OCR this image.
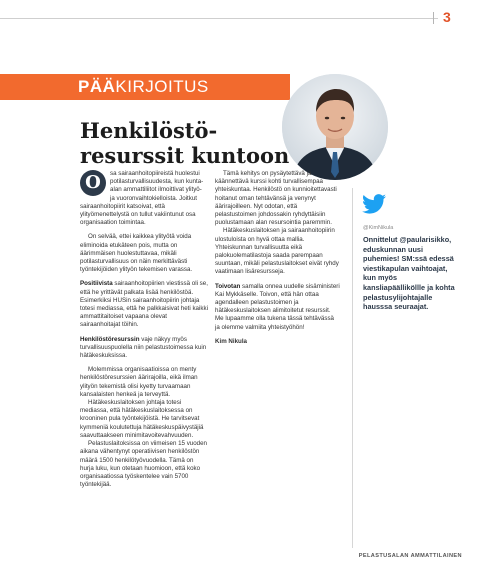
3
PÄÄKIRJOITUS
Henkilöstö-resurssit kuntoon
O	sa sairaanhoitopiireistä huolestui potilasturvallisuudesta, kun kunta-alan ammattiliitot ilmoittivat ylityö- ja vuoronvaihtokielloista. Joitkut sairaanhoitopiirit katsoivat, että ylityömenettelystä on tullut vakiintunut osa organisaation toimintaa.

On selvää, ettei kaikkea ylityötä voida eliminoida etukäteen pois, mutta on äärimmäisen huolestuttavaa, mikäli potilasturvallisuus on näin merkittävästi työntekijöiden ylityön tekemisen varassa.

Positiivista sairaanhoitopiirien viestissä oli se, että he yrittävät palkata lisää henkilöstöä. Esimerkiksi HUSin sairaanhoitopiirin johtaja totesi mediassa, että he palkkaisivat heti kaikki ammattitaitoiset vapaana olevat sairaanhoitajat töihin.

Henkilöstöresurssin vaje näkyy myös turvallisuuspuolella niin pelastustoimessa kuin hätäkeskuksissa.

Molemmissa organisaatioissa on menty henkilöstöresurssien äärirajoilla, eikä ilman ylityön tekemistä olisi kyetty turvaamaan kansalaisten henkeä ja terveyttä.

Hätäkeskuslaitoksen johtaja totesi mediassa, että hätäkeskuslaitoksessa on krooninen pula työntekijöistä. He tarvitsevat kymmeniä koulutettuja hätäkeskuspäivystäjiä saavuttaakseen minimitavoitevahvuuden.

Pelastuslaitoksissa on viimeisen 15 vuoden aikana vähentynyt operatiivisen henkilöstön määrä 1500 henkilötyövuodella. Tämä on hurja luku, kun otetaan huomioon, että koko organisaatiossa työskentelee vain 5700 työntekijää.

Tämä kehitys on pysäytettävä ja käännettävä kurssi kohti turvallisempaa yhteiskuntaa. Henkilöstö on kunnioitettavasti hoitanut oman tehtävänsä ja venynyt äärirajoilleen. Nyt odotan, että pelastustoimen johdossakin ryhdyttäisiin puolustamaan alan resursointia paremmin.

Hätäkeskuslaitoksen ja sairaanhoitopiirin ulostuloista on hyvä ottaa mallia. Yhteiskunnan turvallisuutta eikä palokuolematilastoja saada parempaan suuntaan, mikäli pelastuslaitokset eivät ryhdy vaatimaan lisäresursseja.

Toivotan samalla onnea uudelle sisäministeri Kai Mykkäselle. Toivon, että hän ottaa agendalleen pelastustoimen ja hätäkeskuslaitoksen alimitoitetut resurssit. Me lupaamme olla tukena tässä tehtävässä ja olemme valmiita yhteistyöhön!

Kim Nikula

@KimNikula
Onnittelut @paularisikko, eduskunnan uusi puhemies! SM:ssä edessä viestikapulan vaihtoajat, kun myös kansliapäälliköllle ja kohta pelastusylijohtajalle hausssa seuraajat.
PELASTUSALAN AMMATTILAINEN
